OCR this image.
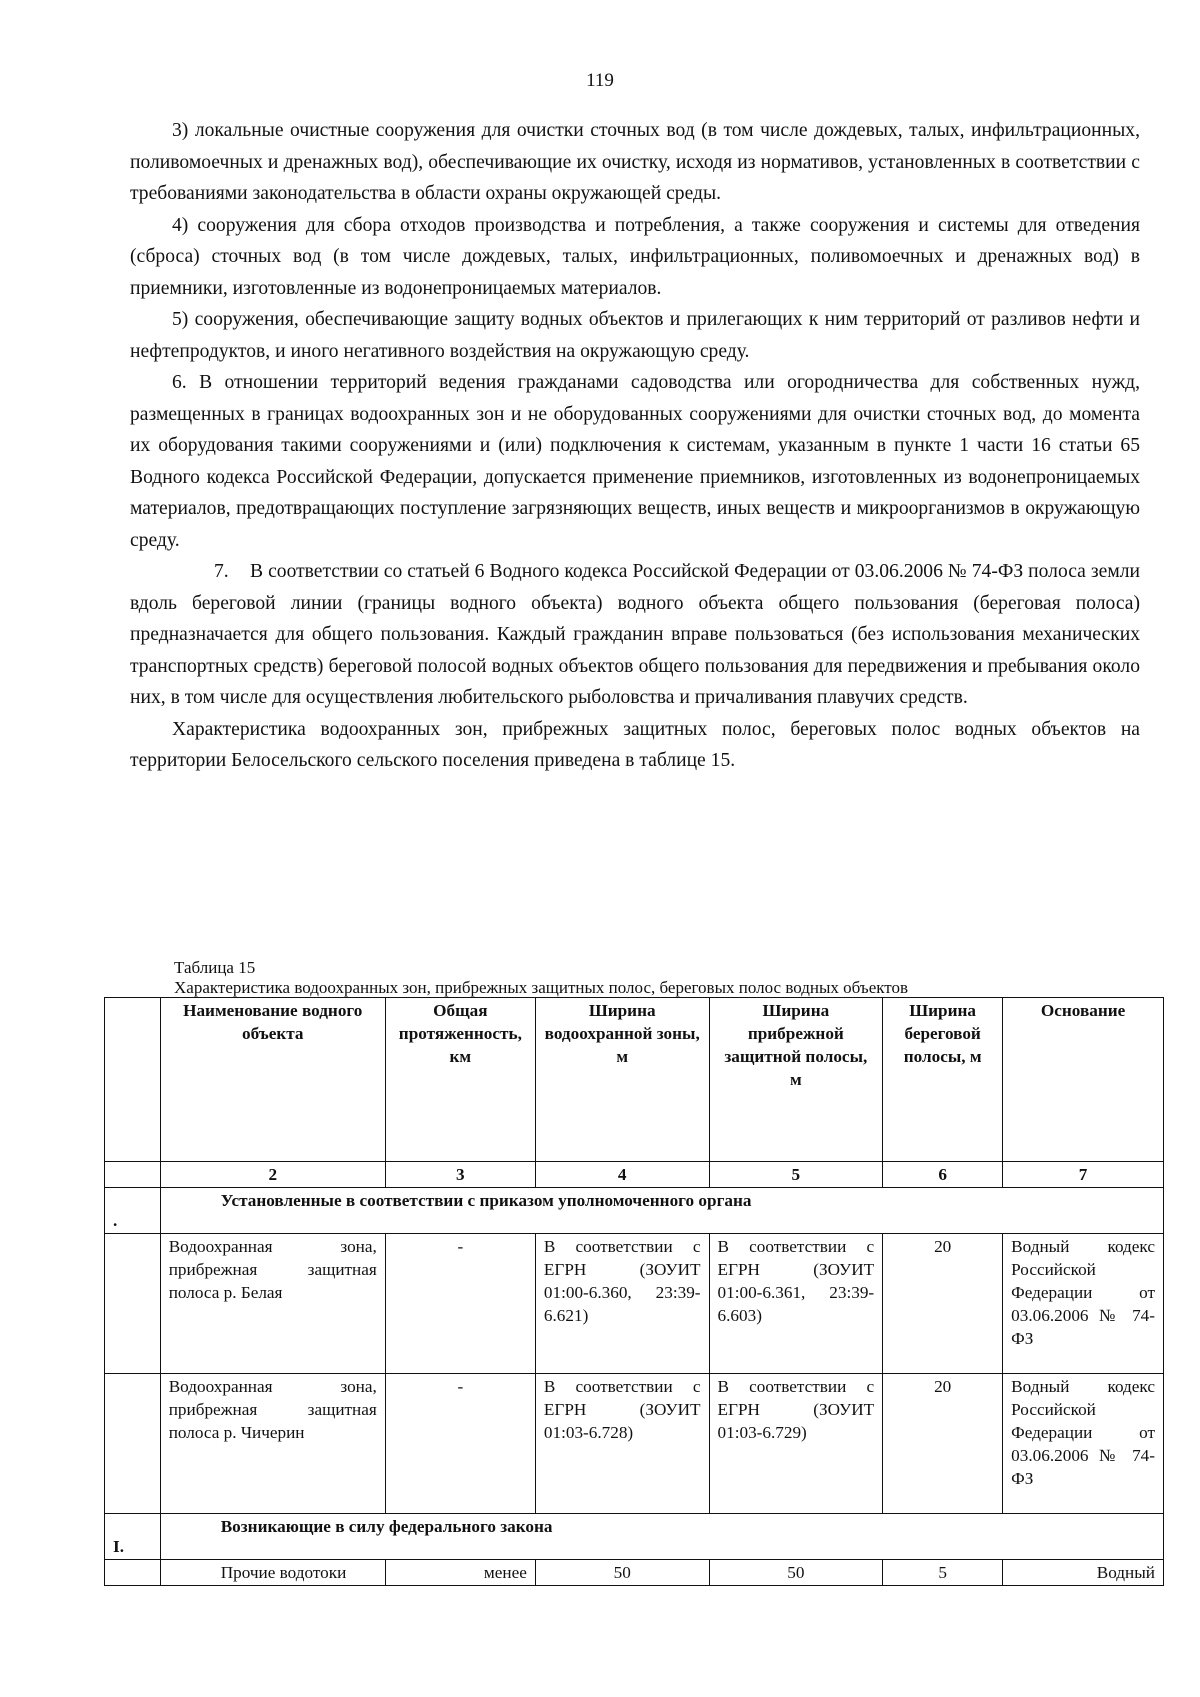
119

3) локальные очистные сооружения для очистки сточных вод (в том числе дождевых, талых, инфильтрационных, поливомоечных и дренажных вод), обеспечивающие их очистку, исходя из нормативов, установленных в соответствии с требованиями законодательства в области охраны окружающей среды.

4) сооружения для сбора отходов производства и потребления, а также сооружения и системы для отведения (сброса) сточных вод (в том числе дождевых, талых, инфильтрационных, поливомоечных и дренажных вод) в приемники, изготовленные из водонепроницаемых материалов.

5) сооружения, обеспечивающие защиту водных объектов и прилегающих к ним территорий от разливов нефти и нефтепродуктов, и иного негативного воздействия на окружающую среду.

6. В отношении территорий ведения гражданами садоводства или огородничества для собственных нужд, размещенных в границах водоохранных зон и не оборудованных сооружениями для очистки сточных вод, до момента их оборудования такими сооружениями и (или) подключения к системам, указанным в пункте 1 части 16 статьи 65 Водного кодекса Российской Федерации, допускается применение приемников, изготовленных из водонепроницаемых материалов, предотвращающих поступление загрязняющих веществ, иных веществ и микроорганизмов в окружающую среду.

7. В соответствии со статьей 6 Водного кодекса Российской Федерации от 03.06.2006 № 74-ФЗ полоса земли вдоль береговой линии (границы водного объекта) водного объекта общего пользования (береговая полоса) предназначается для общего пользования. Каждый гражданин вправе пользоваться (без использования механических транспортных средств) береговой полосой водных объектов общего пользования для передвижения и пребывания около них, в том числе для осуществления любительского рыболовства и причаливания плавучих средств.

Характеристика водоохранных зон, прибрежных защитных полос, береговых полос водных объектов на территории Белосельского сельского поселения приведена в таблице 15.

Таблица 15
Характеристика водоохранных зон, прибрежных защитных полос, береговых полос водных объектов
	Наименование водного объекта	Общая протяженность, км	Ширина водоохранной зоны, м	Ширина прибрежной защитной полосы, м	Ширина береговой полосы, м	Основание
	2	3	4	5	6	7
.	Установленные в соответствии с приказом уполномоченного органа					
	Водоохранная зона, прибрежная защитная полоса р. Белая	-	В соответствии с ЕГРН (ЗОУИТ 01:00-6.360, 23:39-6.621)	В соответствии с ЕГРН (ЗОУИТ 01:00-6.361, 23:39-6.603)	20	Водный кодекс Российской Федерации от 03.06.2006 № 74-ФЗ
	Водоохранная зона, прибрежная защитная полоса р. Чичерин	-	В соответствии с ЕГРН (ЗОУИТ 01:03-6.728)	В соответствии с ЕГРН (ЗОУИТ 01:03-6.729)	20	Водный кодекс Российской Федерации от 03.06.2006 № 74-ФЗ
I.	Возникающие в силу федерального закона					
	Прочие водотоки	менее	50	50	5	Водный
